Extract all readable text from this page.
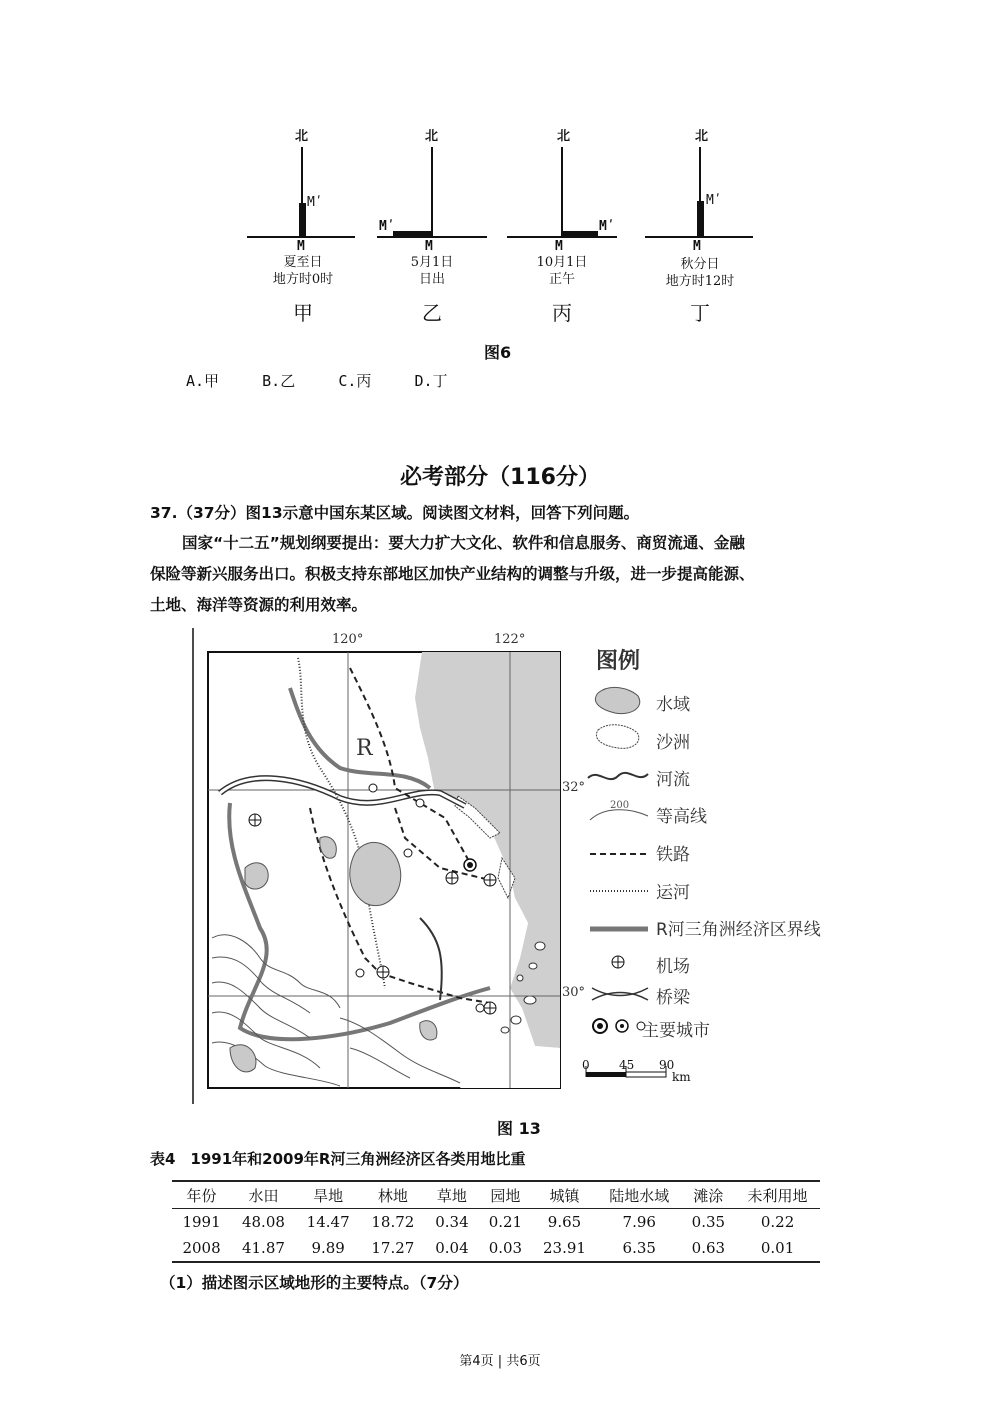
北
Mʹ
M
夏至日
地方时0时
甲
北
Mʹ
M
5月1日
日出
乙
北
Mʹ
M
10月1日
正午
丙
北
Mʹ
M
秋分日
地方时12时
丁
图6
A.甲	B.乙	C.丙	D.丁
必考部分（116分）
37.（37分）图13示意中国东某区域。阅读图文材料，回答下列问题。
国家“十二五”规划纲要提出：要大力扩大文化、软件和信息服务、商贸流通、金融
保险等新兴服务出口。积极支持东部地区加快产业结构的调整与升级，进一步提高能源、
土地、海洋等资源的利用效率。
120°	122°
32°
30°
R
图例
水域
沙洲
河流
等高线
铁路
运河
R河三角洲经济区界线
机场
桥梁
主要城市
200
0 45 90
km
图 13
表4　1991年和2009年R河三角洲经济区各类用地比重
年份	水田	旱地	林地	草地	园地	城镇	陆地水域	滩涂	未利用地
1991	48.08	14.47	18.72	0.34	0.21	9.65	7.96	0.35	0.22
2008	41.87	9.89	17.27	0.04	0.03	23.91	6.35	0.63	0.01
（1）描述图示区域地形的主要特点。（7分）
第4页 | 共6页
